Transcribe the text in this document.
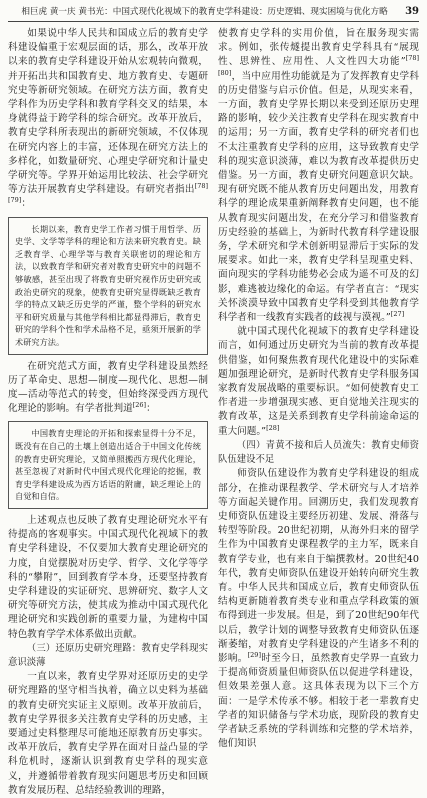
相巨虎 黄一庆 黄书光：中国式现代化视域下的教育史学科建设：历史逻辑、现实困境与优化方略	39

如果说中华人民共和国成立后的教育史学科建设偏重于宏观层面的话，那么，改革开放以来的教育史学科建设开始从宏观转向微观，并开拓出共和国教育史、地方教育史、专题研究史等新研究领域。在研究方法方面，教育史学科作为历史学科和教育学科交叉的结果，本身就得益于跨学科的综合研究。改革开放后，教育史学科所表现出的新研究领域，不仅体现在研究内容上的丰富，还体现在研究方法上的多样化，如数量研究、心理史学研究和计量史学研究等。学界开始运用比较法、社会学研究等方法开展教育史学科建设。有研究者指出[78][79]：

长期以来，教育史学工作者习惯于用哲学、历史学、文学等学科的理论和方法来研究教育史。缺乏教育学、心理学等与教育关联密切的理论和方法，以致教育学和研究者对教育史研究中的问题不够敏感，甚至出现了将教育史研究视作历史研究或政治史研究的现象，使教育史研究显得既缺乏教育学的特点又缺乏历史学的严谨，整个学科的研究水平和研究质量与其他学科相比都显得滞后，教育史研究的学科个性和学术品格不足，亟须开展新的学术研究方法。

在研究范式方面，教育史学科建设虽然经历了革命史、思想—制度—现代化、思想—制度—活动等范式的转变，但始终深受西方现代化理论的影响。有学者批判道[26]：

中国教育史理论的开拓和探索显得十分不足，既没有在自己的土壤上创造出适合于中国文化传统的教育史研究理论，又简单照搬西方现代化理论，甚至忽视了对新时代中国式现代化理论的挖掘，教育史学科建设成为西方话语的附庸，缺乏理论上的自觉和自信。

上述观点也反映了教育史理论研究水平有待提高的客观事实。中国式现代化视域下的教育史学科建设，不仅要加大教育史理论研究的力度，自觉摆脱对历史学、哲学、文化学等学科的“攀附”，回到教育学本身，还要坚持教育史学科建设的实证研究、思辨研究、数字人文研究等研究方法，使其成为推动中国式现代化理论研究和实践创新的重要力量，为建构中国特色教育学学术体系做出贡献。

（三）还原历史研究理路：教育史学科现实意识淡薄

一直以来，教育史学界对还原历史的史学研究理路的坚守相当执着，确立以史料为基础的教育史研究实证主义原则。改革开放前后，教育史学界很多关注教育史学科的历史感，主要通过史料整理尽可能地还原教育历史事实。改革开放后，教育史学界在面对日益凸显的学科危机时，逐渐认识到教育史学科的现实意义，并遵循带着教育现实问题思考历史和回顾教育发展历程、总结经验教训的理路，

使教育史学科的实用价值，旨在服务现实需求。例如，张传燧提出教育史学科具有“展现性、思辨性、应用性、人文性四大功能”[78][80]，当中应用性功能就是为了发挥教育史学科的历史借鉴与启示价值。但是，从现实来看，一方面，教育史学界长期以来受到还原历史理路的影响，较少关注教育史学科在现实教育中的运用；另一方面，教育史学科的研究者们也不太注重教育史学科的应用，这导致教育史学科的现实意识淡薄，难以为教育改革提供历史借鉴。另一方面，教育史研究问题意识欠缺。现有研究既不能从教育历史问题出发，用教育科学的理论成果重新阐释教育史问题，也不能从教育现实问题出发，在充分学习和借鉴教育历史经验的基础上，为新时代教育科学建设服务，学术研究和学术创新明显滞后于实际的发展要求。如此一来，教育史学科呈现重史料、面向现实的学科功能势必会成为遥不可及的幻影，难逃被边缘化的命运。有学者直言：“现实关怀淡漠导致中国教育史学科受到其他教育学科学者和一线教育实践者的歧视与漠视。”[27]

就中国式现代化视域下的教育史学科建设而言，如何通过历史研究为当前的教育改革提供借鉴，如何聚焦教育现代化建设中的实际难题加强理论研究，是新时代教育史学科服务国家教育发展战略的重要标识。“如何使教育史工作者进一步增强现实感、更自觉地关注现实的教育改革，这是关系到教育史学科前途命运的重大问题。”[28]

（四）青黄不接和后人员流失：教育史师资队伍建设不足

师资队伍建设作为教育史学科建设的组成部分，在推动课程教学、学术研究与人才培养等方面起关键作用。回溯历史，我们发现教育史师资队伍建设主要经历初建、发展、滑落与转型等阶段。20世纪初期，从海外归来的留学生作为中国教育史课程教学的主力军，既来自教育学专业，也有来自于编撰教材。20世纪40年代，教育史师资队伍建设开始转向研究生教育。中华人民共和国成立后，教育史师资队伍结构更新随着教育类专业和重点学科政策的颁布得到进一步发展。但是，到了20世纪90年代以后，教学计划的调整导致教育史师资队伍逐渐萎缩，对教育史学科建设的产生诸多不利的影响。[29]时至今日，虽然教育史学界一直致力于提高师资质量但师资队伍以促进学科建设，但效果差强人意。这具体表现为以下三个方面：一是学术传承不够。相较于老一辈教育史学者的知识储备与学术功底，现阶段的教育史学者缺乏系统的学科训练和完整的学术培养，他们知识
